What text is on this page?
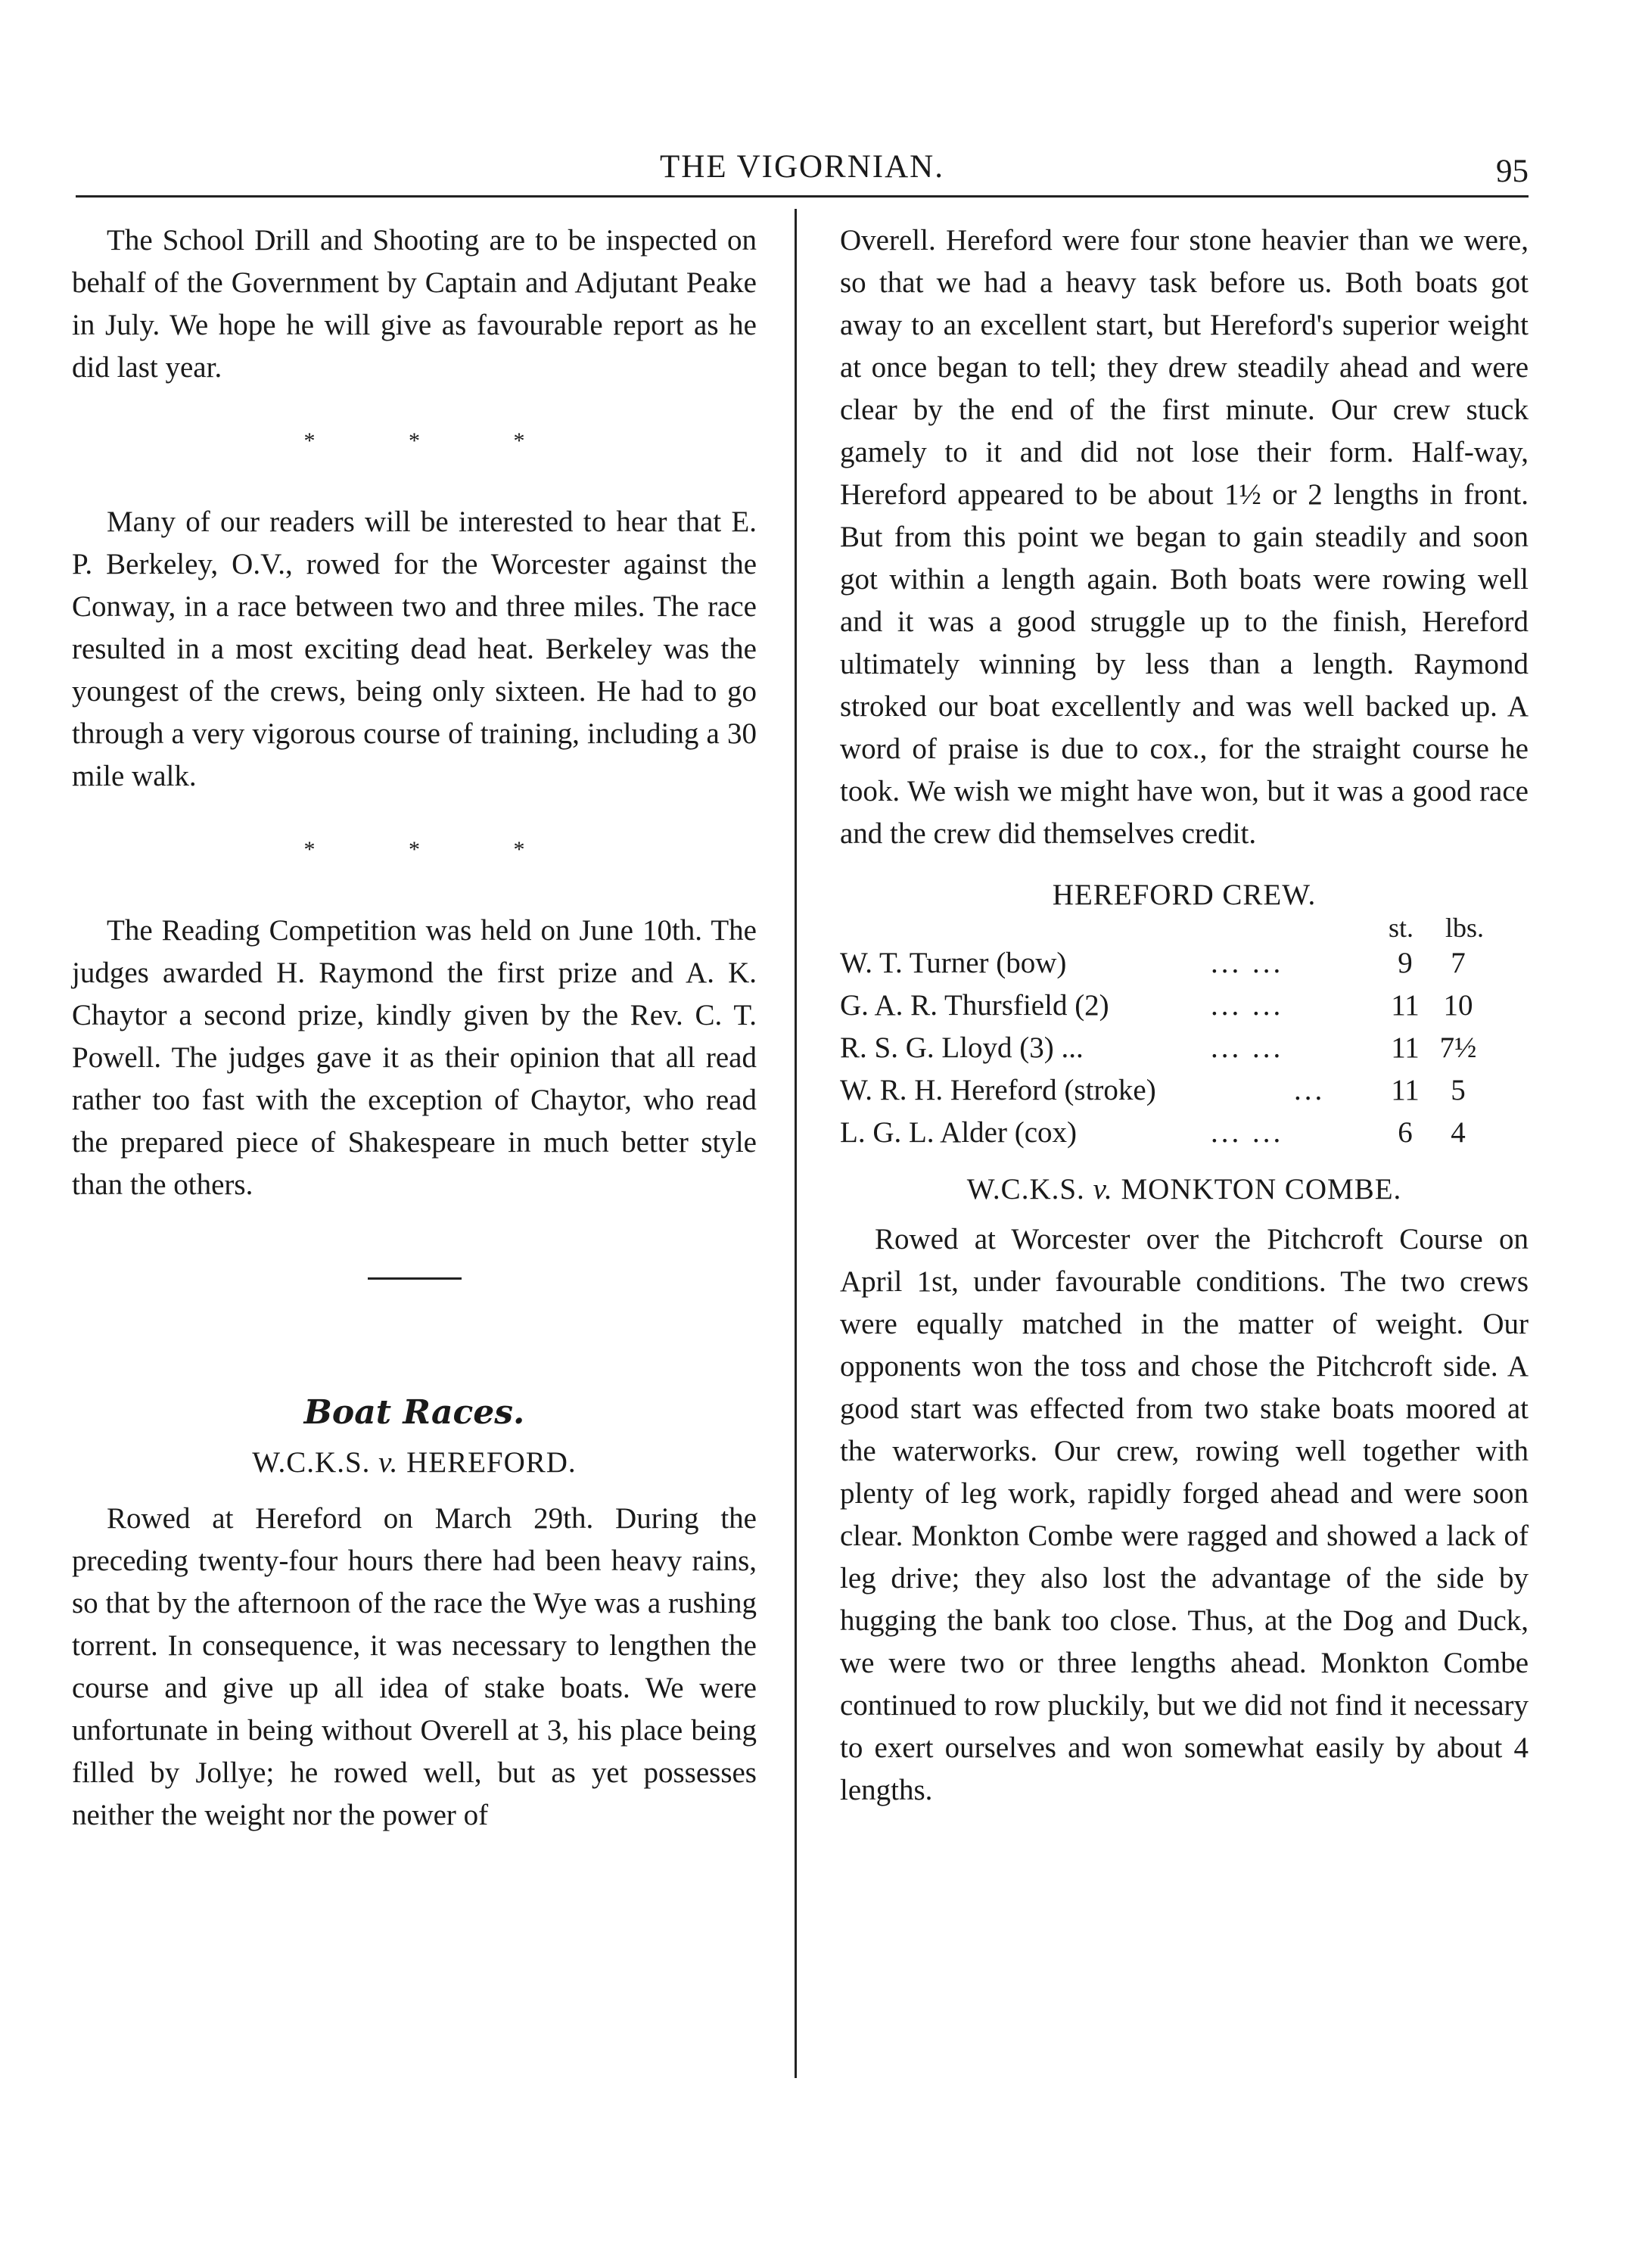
THE VIGORNIAN.	95

The School Drill and Shooting are to be inspected on behalf of the Government by Captain and Adjutant Peake in July. We hope he will give as favourable report as he did last year.

* * *

Many of our readers will be interested to hear that E. P. Berkeley, O.V., rowed for the Worcester against the Conway, in a race between two and three miles. The race resulted in a most exciting dead heat. Berkeley was the youngest of the crews, being only sixteen. He had to go through a very vigorous course of training, including a 30 mile walk.

* * *

The Reading Competition was held on June 10th. The judges awarded H. Raymond the first prize and A. K. Chaytor a second prize, kindly given by the Rev. C. T. Powell. The judges gave it as their opinion that all read rather too fast with the exception of Chaytor, who read the prepared piece of Shakespeare in much better style than the others.

Boat Races.
W.C.K.S. v. HEREFORD.

Rowed at Hereford on March 29th. During the preceding twenty-four hours there had been heavy rains, so that by the afternoon of the race the Wye was a rushing torrent. In consequence, it was necessary to lengthen the course and give up all idea of stake boats. We were unfortunate in being without Overell at 3, his place being filled by Jollye; he rowed well, but as yet possesses neither the weight nor the power of

Overell. Hereford were four stone heavier than we were, so that we had a heavy task before us. Both boats got away to an excellent start, but Hereford's superior weight at once began to tell; they drew steadily ahead and were clear by the end of the first minute. Our crew stuck gamely to it and did not lose their form. Half-way, Hereford appeared to be about 1½ or 2 lengths in front. But from this point we began to gain steadily and soon got within a length again. Both boats were rowing well and it was a good struggle up to the finish, Hereford ultimately winning by less than a length. Raymond stroked our boat excellently and was well backed up. A word of praise is due to cox., for the straight course he took. We wish we might have won, but it was a good race and the crew did themselves credit.

HEREFORD CREW.
st. lbs.
W. T. Turner (bow)	... ...	9	7
G. A. R. Thursfield (2)	... ...	11 10
R. S. G. Lloyd (3) ...	... ...	11 7½
W. R. H. Hereford (stroke)	...	11	5
L. G. L. Alder (cox)	... ...	6	4
W.C.K.S. v. MONKTON COMBE.

Rowed at Worcester over the Pitchcroft Course on April 1st, under favourable conditions. The two crews were equally matched in the matter of weight. Our opponents won the toss and chose the Pitchcroft side. A good start was effected from two stake boats moored at the waterworks. Our crew, rowing well together with plenty of leg work, rapidly forged ahead and were soon clear. Monkton Combe were ragged and showed a lack of leg drive; they also lost the advantage of the side by hugging the bank too close. Thus, at the Dog and Duck, we were two or three lengths ahead. Monkton Combe continued to row pluckily, but we did not find it necessary to exert ourselves and won somewhat easily by about 4 lengths.
